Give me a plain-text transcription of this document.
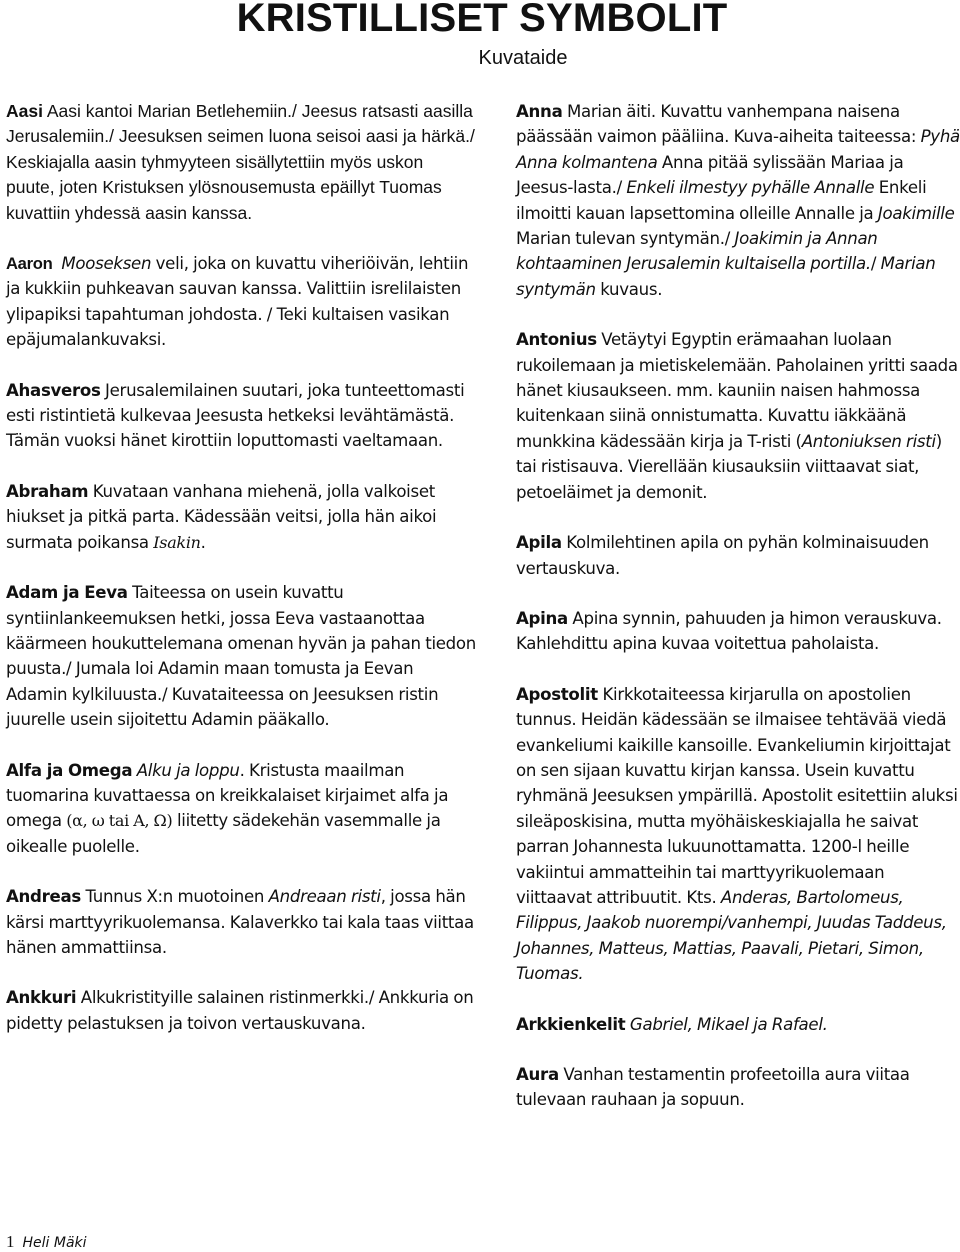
KRISTILLISET SYMBOLIT
Kuvataide

Aasi Aasi kantoi Marian Betlehemiin./ Jeesus ratsasti aasilla Jerusalemiin./ Jeesuksen seimen luona seisoi aasi ja härkä./ Keskiajalla aasin tyhmyyteen sisällytettiin myös uskon puute, joten Kristuksen ylösnousemusta epäillyt Tuomas kuvattiin yhdessä aasin kanssa.

Aaron Mooseksen veli, joka on kuvattu viheriöivän, lehtiin ja kukkiin puhkeavan sauvan kanssa. Valittiin isrelilaisten ylipapiksi tapahtuman johdosta. / Teki kultaisen vasikan epäjumalankuvaksi.

Ahasveros Jerusalemilainen suutari, joka tunteettomasti esti ristintietä kulkevaa Jeesusta hetkeksi levähtämästä. Tämän vuoksi hänet kirottiin loputtomasti vaeltamaan.

Abraham Kuvataan vanhana miehenä, jolla valkoiset hiukset ja pitkä parta. Kädessään veitsi, jolla hän aikoi surmata poikansa Isakin.

Adam ja Eeva Taiteessa on usein kuvattu syntiinlankeemuksen hetki, jossa Eeva vastaanottaa käärmeen houkuttelemana omenan hyvän ja pahan tiedon puusta./ Jumala loi Adamin maan tomusta ja Eevan Adamin kylkiluusta./ Kuvataiteessa on Jeesuksen ristin juurelle usein sijoitettu Adamin pääkallo.

Alfa ja Omega Alku ja loppu. Kristusta maailman tuomarina kuvattaessa on kreikkalaiset kirjaimet alfa ja omega (α, ω tai Α, Ω) liitetty sädekehän vasemmalle ja oikealle puolelle.

Andreas Tunnus X:n muotoinen Andreaan risti, jossa hän kärsi marttyyrikuolemansa. Kalaverkko tai kala taas viittaa hänen ammattiinsa.

Ankkuri Alkukristityille salainen ristinmerkki./ Ankkuria on pidetty pelastuksen ja toivon vertauskuvana.

Anna Marian äiti. Kuvattu vanhempana naisena päässään vaimon pääliina. Kuva-aiheita taiteessa: Pyhä Anna kolmantena Anna pitää sylissään Mariaa ja Jeesus-lasta./ Enkeli ilmestyy pyhälle Annalle Enkeli ilmoitti kauan lapsettomina olleille Annalle ja Joakimille Marian tulevan syntymän./ Joakimin ja Annan kohtaaminen Jerusalemin kultaisella portilla./ Marian syntymän kuvaus.

Antonius Vetäytyi Egyptin erämaahan luolaan rukoilemaan ja mietiskelemään. Paholainen yritti saada hänet kiusaukseen. mm. kauniin naisen hahmossa kuitenkaan siinä onnistumatta. Kuvattu iäkkäänä munkkina kädessään kirja ja T-risti (Antoniuksen risti) tai ristisauva. Vierellään kiusauksiin viittaavat siat, petoeläimet ja demonit.

Apila Kolmilehtinen apila on pyhän kolminaisuuden vertauskuva.

Apina Apina synnin, pahuuden ja himon verauskuva. Kahlehdittu apina kuvaa voitettua paholaista.

Apostolit Kirkkotaiteessa kirjarulla on apostolien tunnus. Heidän kädessään se ilmaisee tehtävää viedä evankeliumi kaikille kansoille. Evankeliumin kirjoittajat on sen sijaan kuvattu kirjan kanssa. Usein kuvattu ryhmänä Jeesuksen ympärillä. Apostolit esitettiin aluksi sileäposkisina, mutta myöhäiskeskiajalla he saivat parran Johannesta lukuunottamatta. 1200-l heille vakiintui ammatteihin tai marttyyrikuolemaan viittaavat attribuutit. Kts. Anderas, Bartolomeus, Filippus, Jaakob nuorempi/vanhempi, Juudas Taddeus, Johannes, Matteus, Mattias, Paavali, Pietari, Simon, Tuomas.

Arkkienkelit Gabriel, Mikael ja Rafael.

Aura Vanhan testamentin profeetoilla aura viitaa tulevaan rauhaan ja sopuun.

1 Heli Mäki
